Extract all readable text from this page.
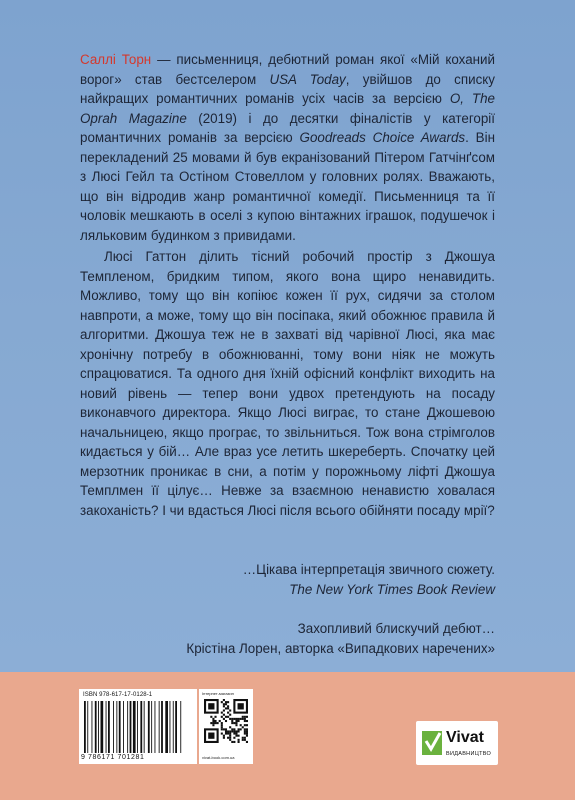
Саллі Торн — письменниця, дебютний роман якої «Мій коханий ворог» став бестселером USA Today, увійшов до списку найкращих романтичних романів усіх часів за версією O, The Oprah Magazine (2019) і до десятки фіналістів у категорії романтичних романів за версією Goodreads Choice Awards. Він перекладений 25 мовами й був екранізований Пітером Гатчінґсом з Люсі Гейл та Остіном Стовеллом у головних ролях. Вважають, що він відродив жанр романтичної комедії. Письменниця та її чоловік мешкають в оселі з купою вінтажних іграшок, подушечок і ляльковим будинком з привидами.

Люсі Гаттон ділить тісний робочий простір з Джошуа Темпленом, бридким типом, якого вона щиро ненавидить. Можливо, тому що він копіює кожен її рух, сидячи за столом навпроти, а може, тому що він посіпака, який обожнює правила й алгоритми. Джошуа теж не в захваті від чарівної Люсі, яка має хронічну потребу в обожнюванні, тому вони ніяк не можуть спрацюватися. Та одного дня їхній офісний конфлікт виходить на новий рівень — тепер вони удвох претендують на посаду виконавчого директора. Якщо Люсі виграє, то стане Джошевою начальницею, якщо програє, то звільниться. Тож вона стрімголов кидається у бій… Але враз усе летить шкереберть. Спочатку цей мерзотник проникає в сни, а потім у порожньому ліфті Джошуа Темплмен її цілує… Невже за взаємною ненавистю ховалася закоханість? І чи вдасться Люсі після всього обійняти посаду мрії?

…Цікава інтерпретація звичного сюжету.
The New York Times Book Review
Захопливий блискучий дебют…
Крістіна Лорен, авторка «Випадкових наречених»
ISBN 978-617-17-0128-1
9 786171 701281
Інтернет-магазин
vivat-book.com.ua
Vivat
ВИДАВНИЦТВО
